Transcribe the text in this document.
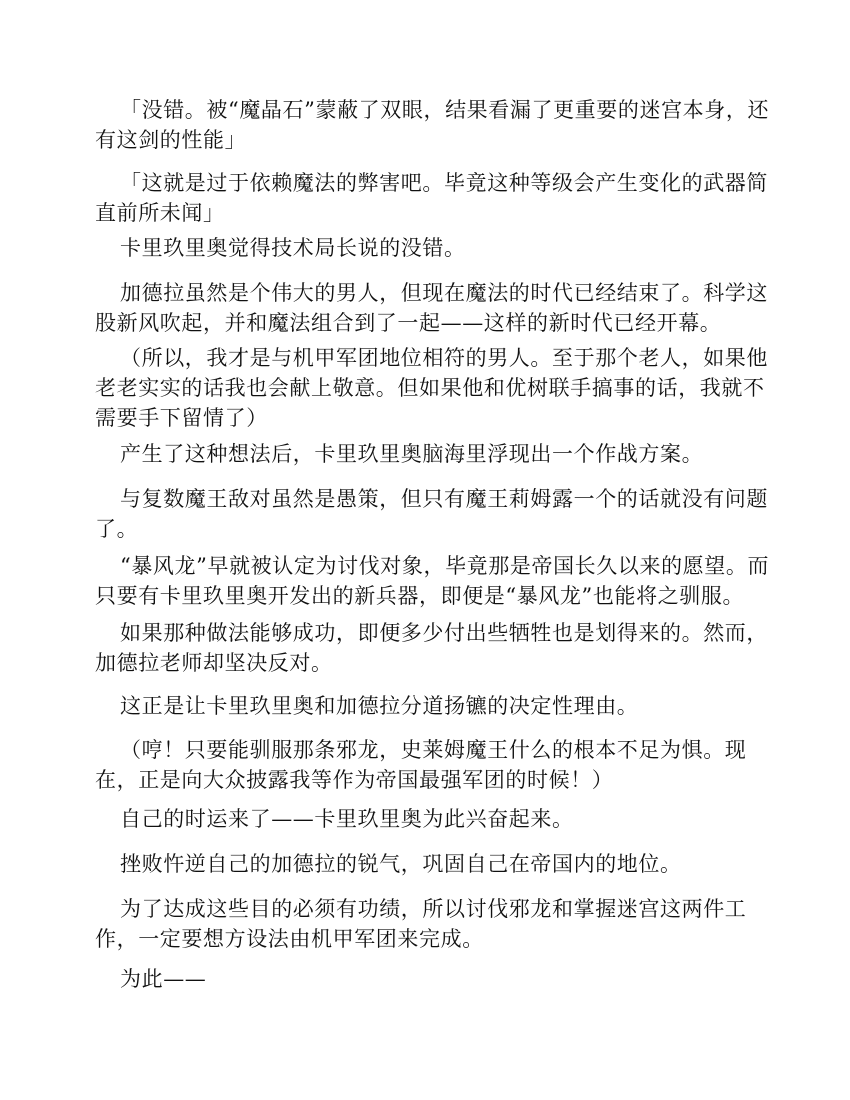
「没错。被“魔晶石”蒙蔽了双眼，结果看漏了更重要的迷宫本身，还有这剑的性能」

「这就是过于依赖魔法的弊害吧。毕竟这种等级会产生变化的武器简直前所未闻」

卡里玖里奥觉得技术局长说的没错。

加德拉虽然是个伟大的男人，但现在魔法的时代已经结束了。科学这股新风吹起，并和魔法组合到了一起——这样的新时代已经开幕。

（所以，我才是与机甲军团地位相符的男人。至于那个老人，如果他老老实实的话我也会献上敬意。但如果他和优树联手搞事的话，我就不需要手下留情了）

产生了这种想法后，卡里玖里奥脑海里浮现出一个作战方案。

与复数魔王敌对虽然是愚策，但只有魔王莉姆露一个的话就没有问题了。

“暴风龙”早就被认定为讨伐对象，毕竟那是帝国长久以来的愿望。而只要有卡里玖里奥开发出的新兵器，即便是“暴风龙”也能将之驯服。

如果那种做法能够成功，即便多少付出些牺牲也是划得来的。然而，加德拉老师却坚决反对。

这正是让卡里玖里奥和加德拉分道扬镳的决定性理由。

（哼！只要能驯服那条邪龙，史莱姆魔王什么的根本不足为惧。现在，正是向大众披露我等作为帝国最强军团的时候！）

自己的时运来了——卡里玖里奥为此兴奋起来。

挫败忤逆自己的加德拉的锐气，巩固自己在帝国内的地位。

为了达成这些目的必须有功绩，所以讨伐邪龙和掌握迷宫这两件工作，一定要想方设法由机甲军团来完成。

为此——
